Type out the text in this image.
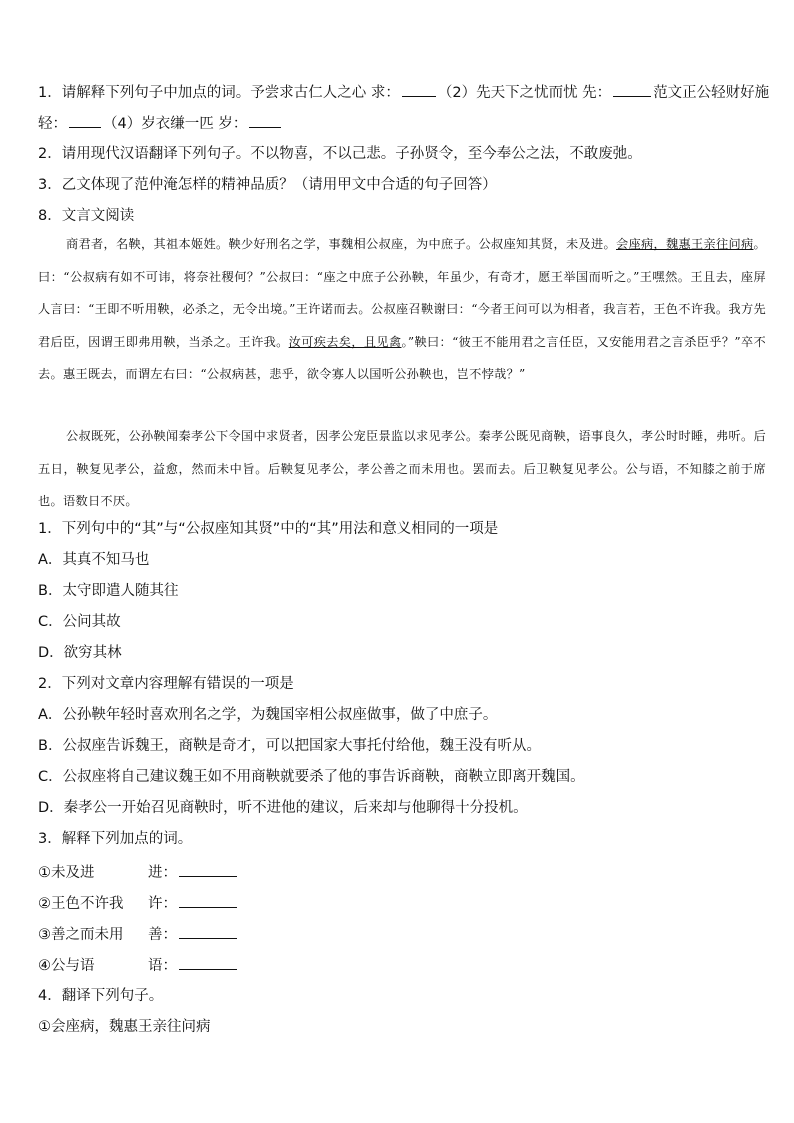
1．请解释下列句子中加点的词。予尝求古仁人之心 求：	（2）先天下之忧而忧 先：	范文正公轻财好施
轻： （4）岁衣缣一匹 岁：
2．请用现代汉语翻译下列句子。不以物喜，不以己悲。子孙贤令，至今奉公之法，不敢废弛。
3．乙文体现了范仲淹怎样的精神品质？（请用甲文中合适的句子回答）
8．文言文阅读
商君者，名鞅，其祖本姬姓。鞅少好刑名之学，事魏相公叔座，为中庶子。公叔座知其贤，未及进。会座病，魏惠王亲往问病。曰：“公叔病有如不可讳，将奈社稷何？”公叔曰：“座之中庶子公孙鞅，年虽少，有奇才，愿王举国而听之。”王嘿然。王且去，座屏人言曰：“王即不听用鞅，必杀之，无令出境。”王许诺而去。公叔座召鞅谢曰：“今者王问可以为相者，我言若，王色不许我。我方先君后臣，因谓王即弗用鞅，当杀之。王许我。汝可疾去矣，且见禽。”鞅曰：“彼王不能用君之言任臣，又安能用君之言杀臣乎？”卒不去。惠王既去，而谓左右曰：“公叔病甚，悲乎，欲令寡人以国听公孙鞅也，岂不悖哉？”
公叔既死，公孙鞅闻秦孝公下令国中求贤者，因孝公宠臣景监以求见孝公。秦孝公既见商鞅，语事良久，孝公时时睡，弗听。后五日，鞅复见孝公，益愈，然而未中旨。后鞅复见孝公，孝公善之而未用也。罢而去。后卫鞅复见孝公。公与语，不知膝之前于席也。语数日不厌。
1．下列句中的“其”与“公叔座知其贤”中的“其”用法和意义相同的一项是
A．其真不知马也
B．太守即遣人随其往
C．公问其故
D．欲穷其林
2．下列对文章内容理解有错误的一项是
A．公孙鞅年轻时喜欢刑名之学，为魏国宰相公叔座做事，做了中庶子。
B．公叔座告诉魏王，商鞅是奇才，可以把国家大事托付给他，魏王没有听从。
C．公叔座将自己建议魏王如不用商鞅就要杀了他的事告诉商鞅，商鞅立即离开魏国。
D．秦孝公一开始召见商鞅时，听不进他的建议，后来却与他聊得十分投机。
3．解释下列加点的词。
①未及进	进：
②王色不许我 许：
③善之而未用 善：
④公与语	语：
4．翻译下列句子。
①会座病，魏惠王亲往问病
